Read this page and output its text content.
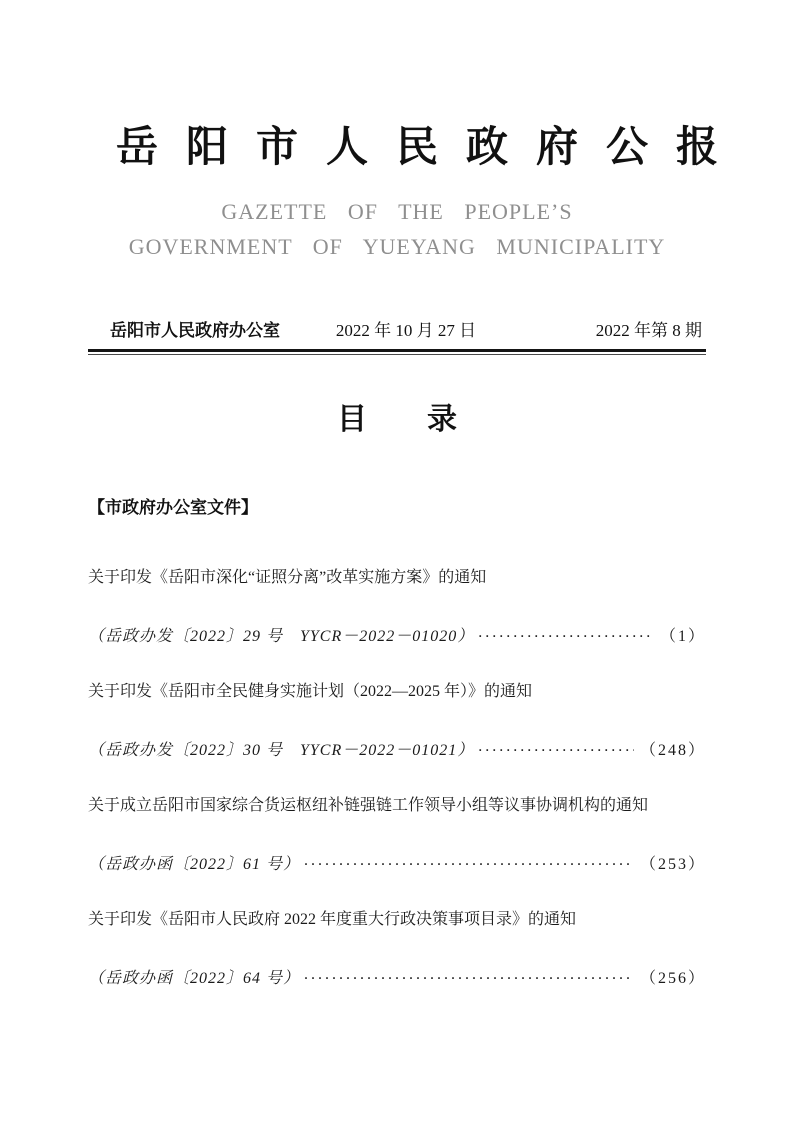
岳阳市人民政府公报
GAZETTE OF THE PEOPLE’S
GOVERNMENT OF YUEYANG MUNICIPALITY
岳阳市人民政府办公室	2022 年 10 月 27 日	2022 年第 8 期
目　　录
【市政府办公室文件】
关于印发《岳阳市深化“证照分离”改革实施方案》的通知
（岳政办发〔2022〕29 号　YYCR－2022－01020） .....	（1）
关于印发《岳阳市全民健身实施计划（2022—2025 年）》的通知
（岳政办发〔2022〕30 号　YYCR－2022－01021） .....	（248）
关于成立岳阳市国家综合货运枢纽补链强链工作领导小组等议事协调机构的通知
（岳政办函〔2022〕61 号） .....	（253）
关于印发《岳阳市人民政府 2022 年度重大行政决策事项目录》的通知
（岳政办函〔2022〕64 号） .....	（256）
